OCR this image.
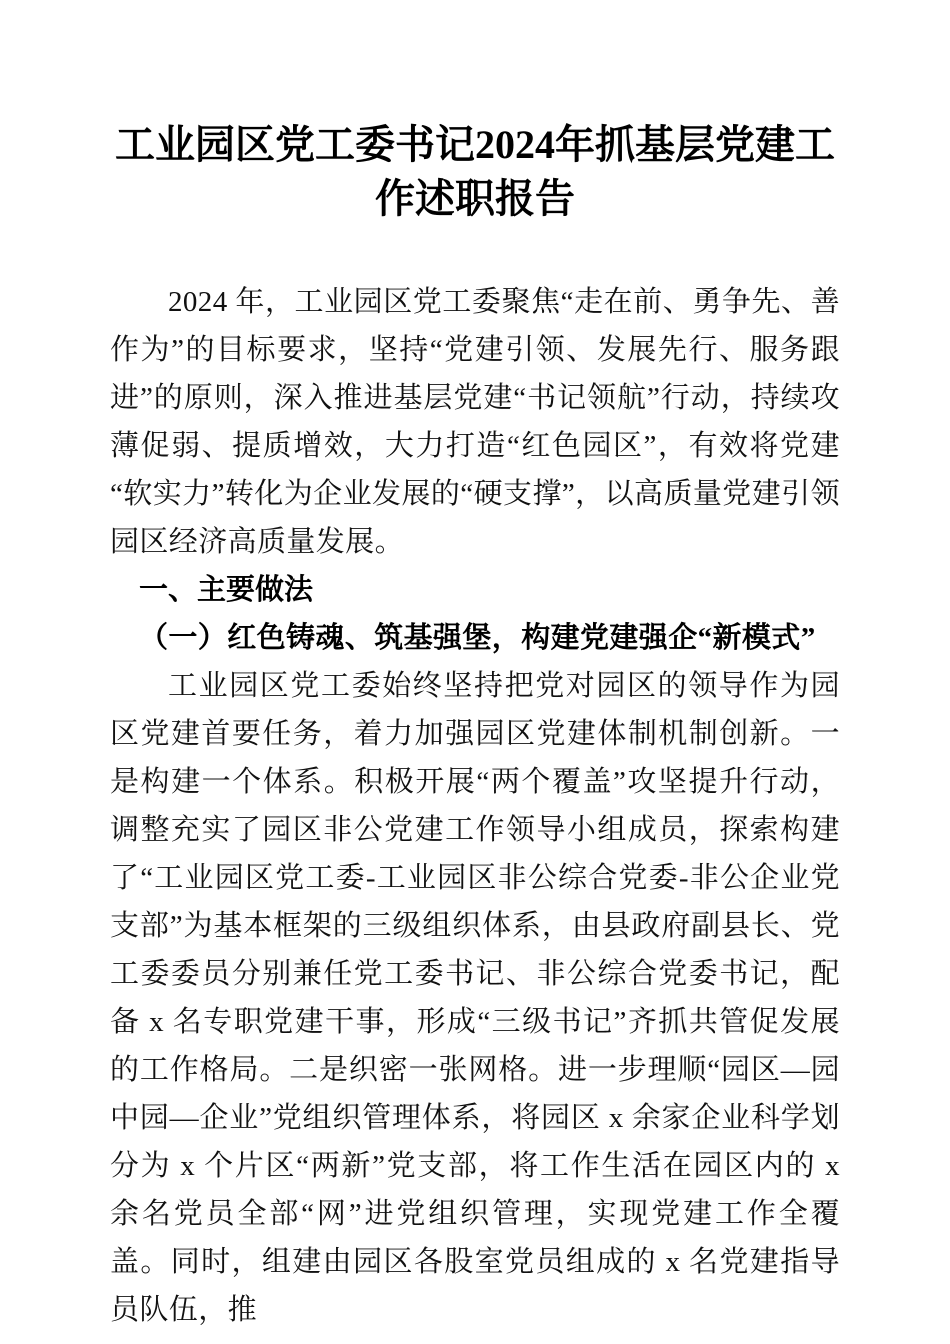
工业园区党工委书记2024年抓基层党建工作述职报告

2024 年，工业园区党工委聚焦“走在前、勇争先、善作为”的目标要求，坚持“党建引领、发展先行、服务跟进”的原则，深入推进基层党建“书记领航”行动，持续攻薄促弱、提质增效，大力打造“红色园区”，有效将党建“软实力”转化为企业发展的“硬支撑”，以高质量党建引领园区经济高质量发展。

一、主要做法

（一）红色铸魂、筑基强堡，构建党建强企“新模式”

工业园区党工委始终坚持把党对园区的领导作为园区党建首要任务，着力加强园区党建体制机制创新。一是构建一个体系。积极开展“两个覆盖”攻坚提升行动，调整充实了园区非公党建工作领导小组成员，探索构建了“工业园区党工委-工业园区非公综合党委-非公企业党支部”为基本框架的三级组织体系，由县政府副县长、党工委委员分别兼任党工委书记、非公综合党委书记，配备 x 名专职党建干事，形成“三级书记”齐抓共管促发展的工作格局。二是织密一张网格。进一步理顺“园区—园中园—企业”党组织管理体系，将园区 x 余家企业科学划分为 x 个片区“两新”党支部，将工作生活在园区内的 x 余名党员全部“网”进党组织管理，实现党建工作全覆盖。同时，组建由园区各股室党员组成的 x 名党建指导员队伍，推
